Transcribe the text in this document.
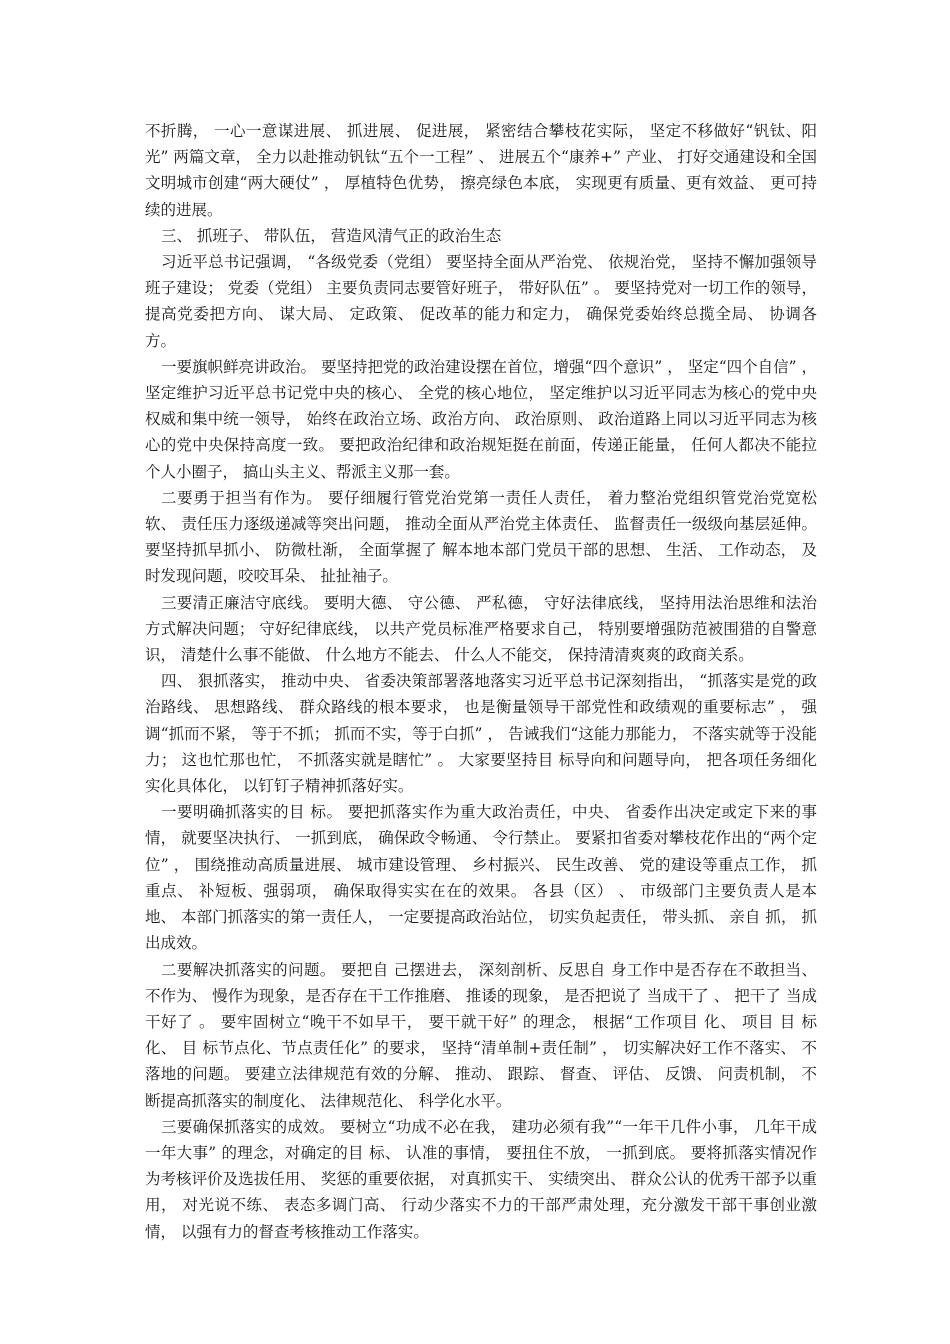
不折腾， 一心一意谋进展、 抓进展、 促进展， 紧密结合攀枝花实际， 坚定不移做好“钒钛、阳光” 两篇文章， 全力以赴推动钒钛“五个一工程” 、 进展五个“康养+” 产业、 打好交通建设和全国文明城市创建“两大硬仗” ， 厚植特色优势， 擦亮绿色本底， 实现更有质量、更有效益、 更可持续的进展。

三、 抓班子、 带队伍， 营造风清气正的政治生态

习近平总书记强调， “各级党委（党组） 要坚持全面从严治党、 依规治党， 坚持不懈加强领导班子建设； 党委（党组） 主要负责同志要管好班子， 带好队伍” 。 要坚持党对一切工作的领导， 提高党委把方向、 谋大局、 定政策、 促改革的能力和定力， 确保党委始终总揽全局、 协调各方。

一要旗帜鲜亮讲政治。 要坚持把党的政治建设摆在首位，增强“四个意识” ， 坚定“四个自信” ， 坚定维护习近平总书记党中央的核心、 全党的核心地位， 坚定维护以习近平同志为核心的党中央权威和集中统一领导， 始终在政治立场、政治方向、 政治原则、 政治道路上同以习近平同志为核心的党中央保持高度一致。 要把政治纪律和政治规矩挺在前面，传递正能量， 任何人都决不能拉个人小圈子， 搞山头主义、帮派主义那一套。

二要勇于担当有作为。 要仔细履行管党治党第一责任人责任， 着力整治党组织管党治党宽松软、 责任压力逐级递减等突出问题， 推动全面从严治党主体责任、 监督责任一级级向基层延伸。 要坚持抓早抓小、 防微杜渐， 全面掌握了 解本地本部门党员干部的思想、 生活、 工作动态， 及时发现问题，咬咬耳朵、 扯扯袖子。

三要清正廉洁守底线。 要明大德、 守公德、 严私德， 守好法律底线， 坚持用法治思维和法治方式解决问题； 守好纪律底线， 以共产党员标准严格要求自己， 特别要增强防范被围猎的自警意识， 清楚什么事不能做、 什么地方不能去、 什么人不能交， 保持清清爽爽的政商关系。

四、 狠抓落实， 推动中央、 省委决策部署落地落实习近平总书记深刻指出， “抓落实是党的政治路线、 思想路线、 群众路线的根本要求， 也是衡量领导干部党性和政绩观的重要标志” ， 强调“抓而不紧， 等于不抓； 抓而不实，等于白抓” ， 告诫我们“这能力那能力， 不落实就等于没能力； 这也忙那也忙， 不抓落实就是瞎忙” 。 大家要坚持目 标导向和问题导向， 把各项任务细化实化具体化， 以钉钉子精神抓落好实。

一要明确抓落实的目 标。 要把抓落实作为重大政治责任，中央、 省委作出决定或定下来的事情， 就要坚决执行、 一抓到底， 确保政令畅通、 令行禁止。 要紧扣省委对攀枝花作出的“两个定位” ， 围绕推动高质量进展、 城市建设管理、 乡村振兴、 民生改善、 党的建设等重点工作， 抓重点、 补短板、强弱项， 确保取得实实在在的效果。 各县（区） 、 市级部门主要负责人是本地、 本部门抓落实的第一责任人， 一定要提高政治站位， 切实负起责任， 带头抓、 亲自 抓， 抓出成效。

二要解决抓落实的问题。 要把自 己摆进去， 深刻剖析、反思自 身工作中是否存在不敢担当、 不作为、 慢作为现象，是否存在干工作推磨、 推诿的现象， 是否把说了 当成干了 、 把干了 当成干好了 。 要牢固树立“晚干不如早干， 要干就干好” 的理念， 根据“工作项目 化、 项目 目 标化、 目 标节点化、节点责任化” 的要求， 坚持“清单制+责任制” ， 切实解决好工作不落实、 不落地的问题。 要建立法律规范有效的分解、 推动、 跟踪、 督查、 评估、 反馈、 问责机制， 不断提高抓落实的制度化、 法律规范化、 科学化水平。

三要确保抓落实的成效。 要树立“功成不必在我， 建功必须有我”“一年干几件小事， 几年干成一年大事” 的理念，对确定的目 标、 认准的事情， 要扭住不放， 一抓到底。 要将抓落实情况作为考核评价及选拔任用、 奖惩的重要依据， 对真抓实干、 实绩突出、 群众公认的优秀干部予以重用， 对光说不练、 表态多调门高、 行动少落实不力的干部严肃处理，充分激发干部干事创业激情， 以强有力的督查考核推动工作落实。
